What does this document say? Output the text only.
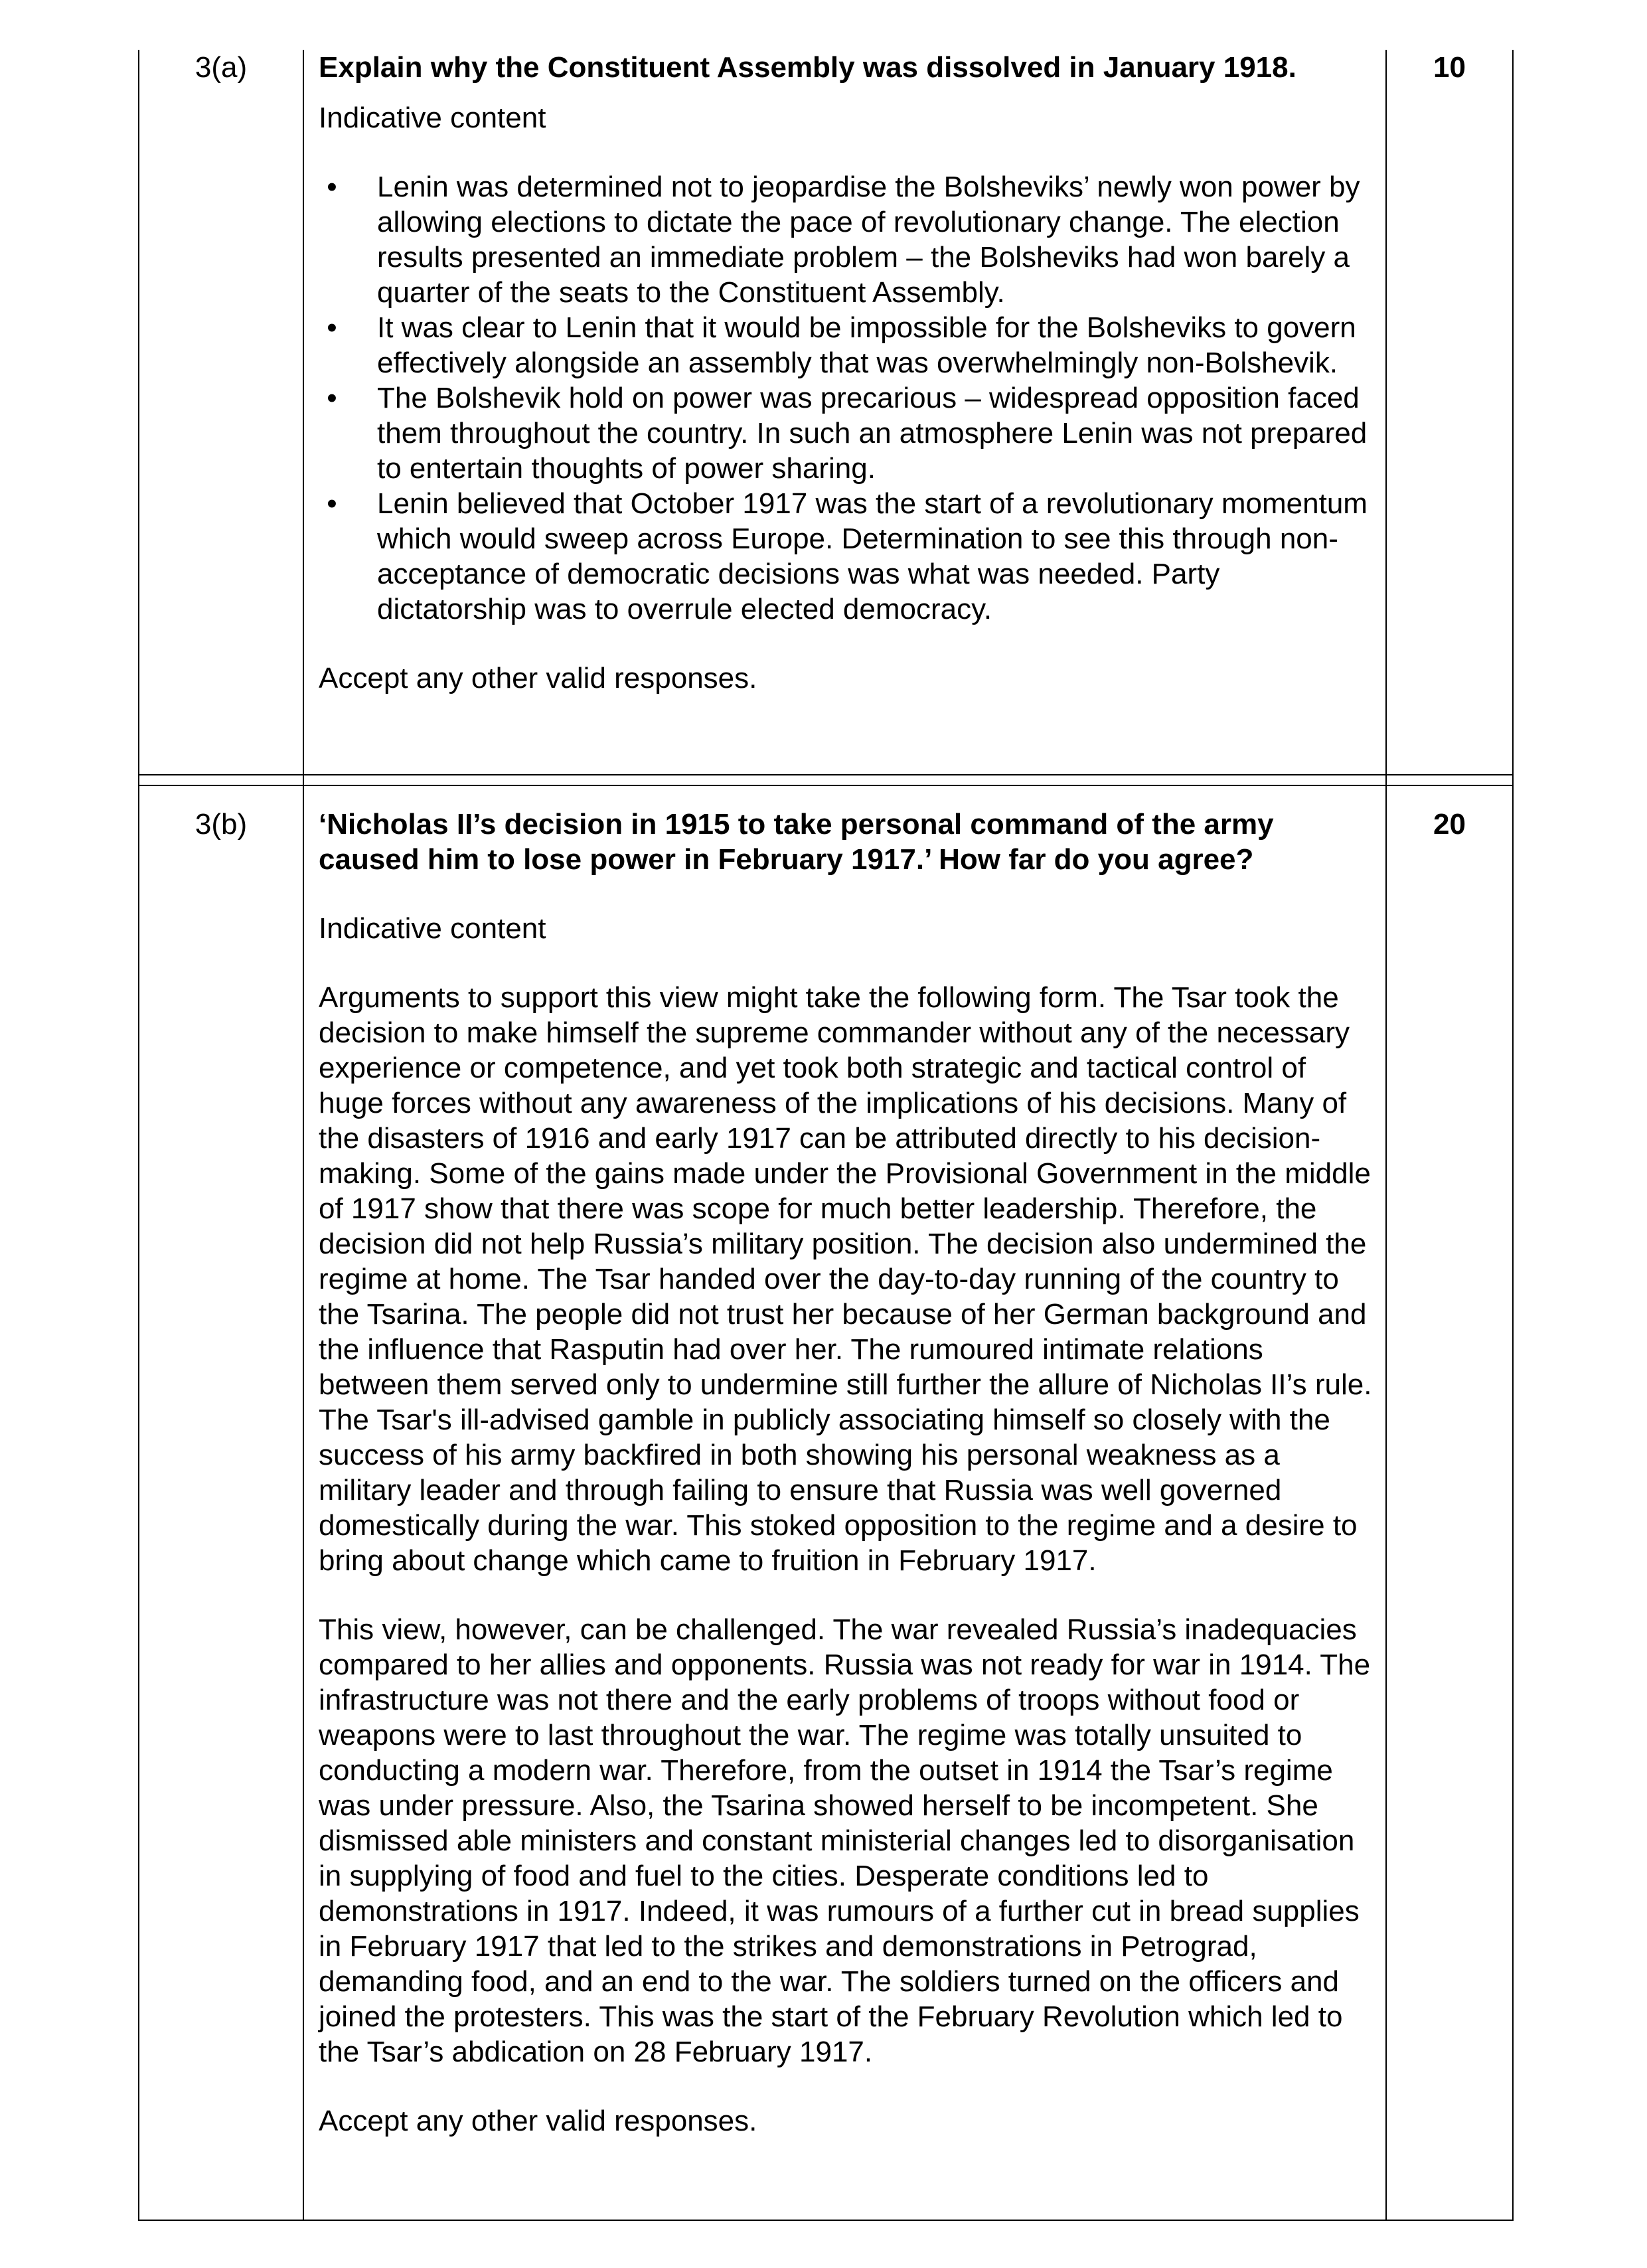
3(a)	10

Explain why the Constituent Assembly was dissolved in January 1918.

Indicative content

• Lenin was determined not to jeopardise the Bolsheviks’ newly won power by allowing elections to dictate the pace of revolutionary change. The election results presented an immediate problem – the Bolsheviks had won barely a quarter of the seats to the Constituent Assembly.
• It was clear to Lenin that it would be impossible for the Bolsheviks to govern effectively alongside an assembly that was overwhelmingly non-Bolshevik.
• The Bolshevik hold on power was precarious – widespread opposition faced them throughout the country. In such an atmosphere Lenin was not prepared to entertain thoughts of power sharing.
• Lenin believed that October 1917 was the start of a revolutionary momentum which would sweep across Europe. Determination to see this through non-acceptance of democratic decisions was what was needed. Party dictatorship was to overrule elected democracy.

Accept any other valid responses.

3(b)	20

‘Nicholas II’s decision in 1915 to take personal command of the army caused him to lose power in February 1917.’ How far do you agree?

Indicative content

Arguments to support this view might take the following form. The Tsar took the decision to make himself the supreme commander without any of the necessary experience or competence, and yet took both strategic and tactical control of huge forces without any awareness of the implications of his decisions. Many of the disasters of 1916 and early 1917 can be attributed directly to his decision-making. Some of the gains made under the Provisional Government in the middle of 1917 show that there was scope for much better leadership. Therefore, the decision did not help Russia’s military position. The decision also undermined the regime at home. The Tsar handed over the day-to-day running of the country to the Tsarina. The people did not trust her because of her German background and the influence that Rasputin had over her. The rumoured intimate relations between them served only to undermine still further the allure of Nicholas II’s rule. The Tsar's ill-advised gamble in publicly associating himself so closely with the success of his army backfired in both showing his personal weakness as a military leader and through failing to ensure that Russia was well governed domestically during the war. This stoked opposition to the regime and a desire to bring about change which came to fruition in February 1917.

This view, however, can be challenged. The war revealed Russia’s inadequacies compared to her allies and opponents. Russia was not ready for war in 1914. The infrastructure was not there and the early problems of troops without food or weapons were to last throughout the war. The regime was totally unsuited to conducting a modern war. Therefore, from the outset in 1914 the Tsar’s regime was under pressure. Also, the Tsarina showed herself to be incompetent. She dismissed able ministers and constant ministerial changes led to disorganisation in supplying of food and fuel to the cities. Desperate conditions led to demonstrations in 1917. Indeed, it was rumours of a further cut in bread supplies in February 1917 that led to the strikes and demonstrations in Petrograd, demanding food, and an end to the war. The soldiers turned on the officers and joined the protesters. This was the start of the February Revolution which led to the Tsar’s abdication on 28 February 1917.

Accept any other valid responses.
